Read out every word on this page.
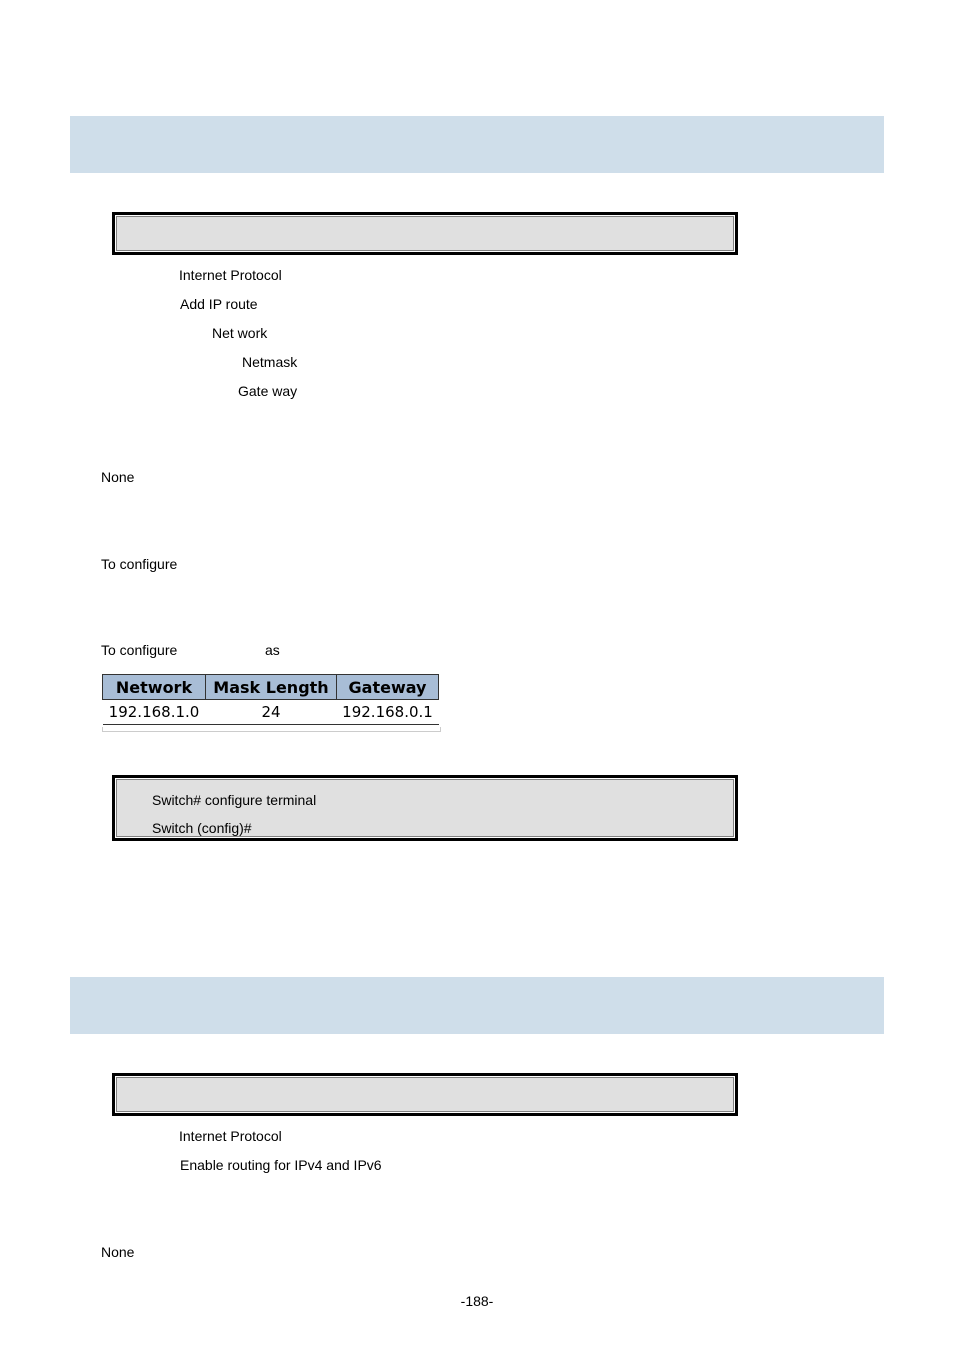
Internet Protocol
Add IP route
Net work
Netmask
Gate way
None
To configure
To configure	as
Network	Mask Length	Gateway
192.168.1.0	24	192.168.0.1
Switch# configure terminal
Switch (config)#
Internet Protocol
Enable routing for IPv4 and IPv6
None
-188-
